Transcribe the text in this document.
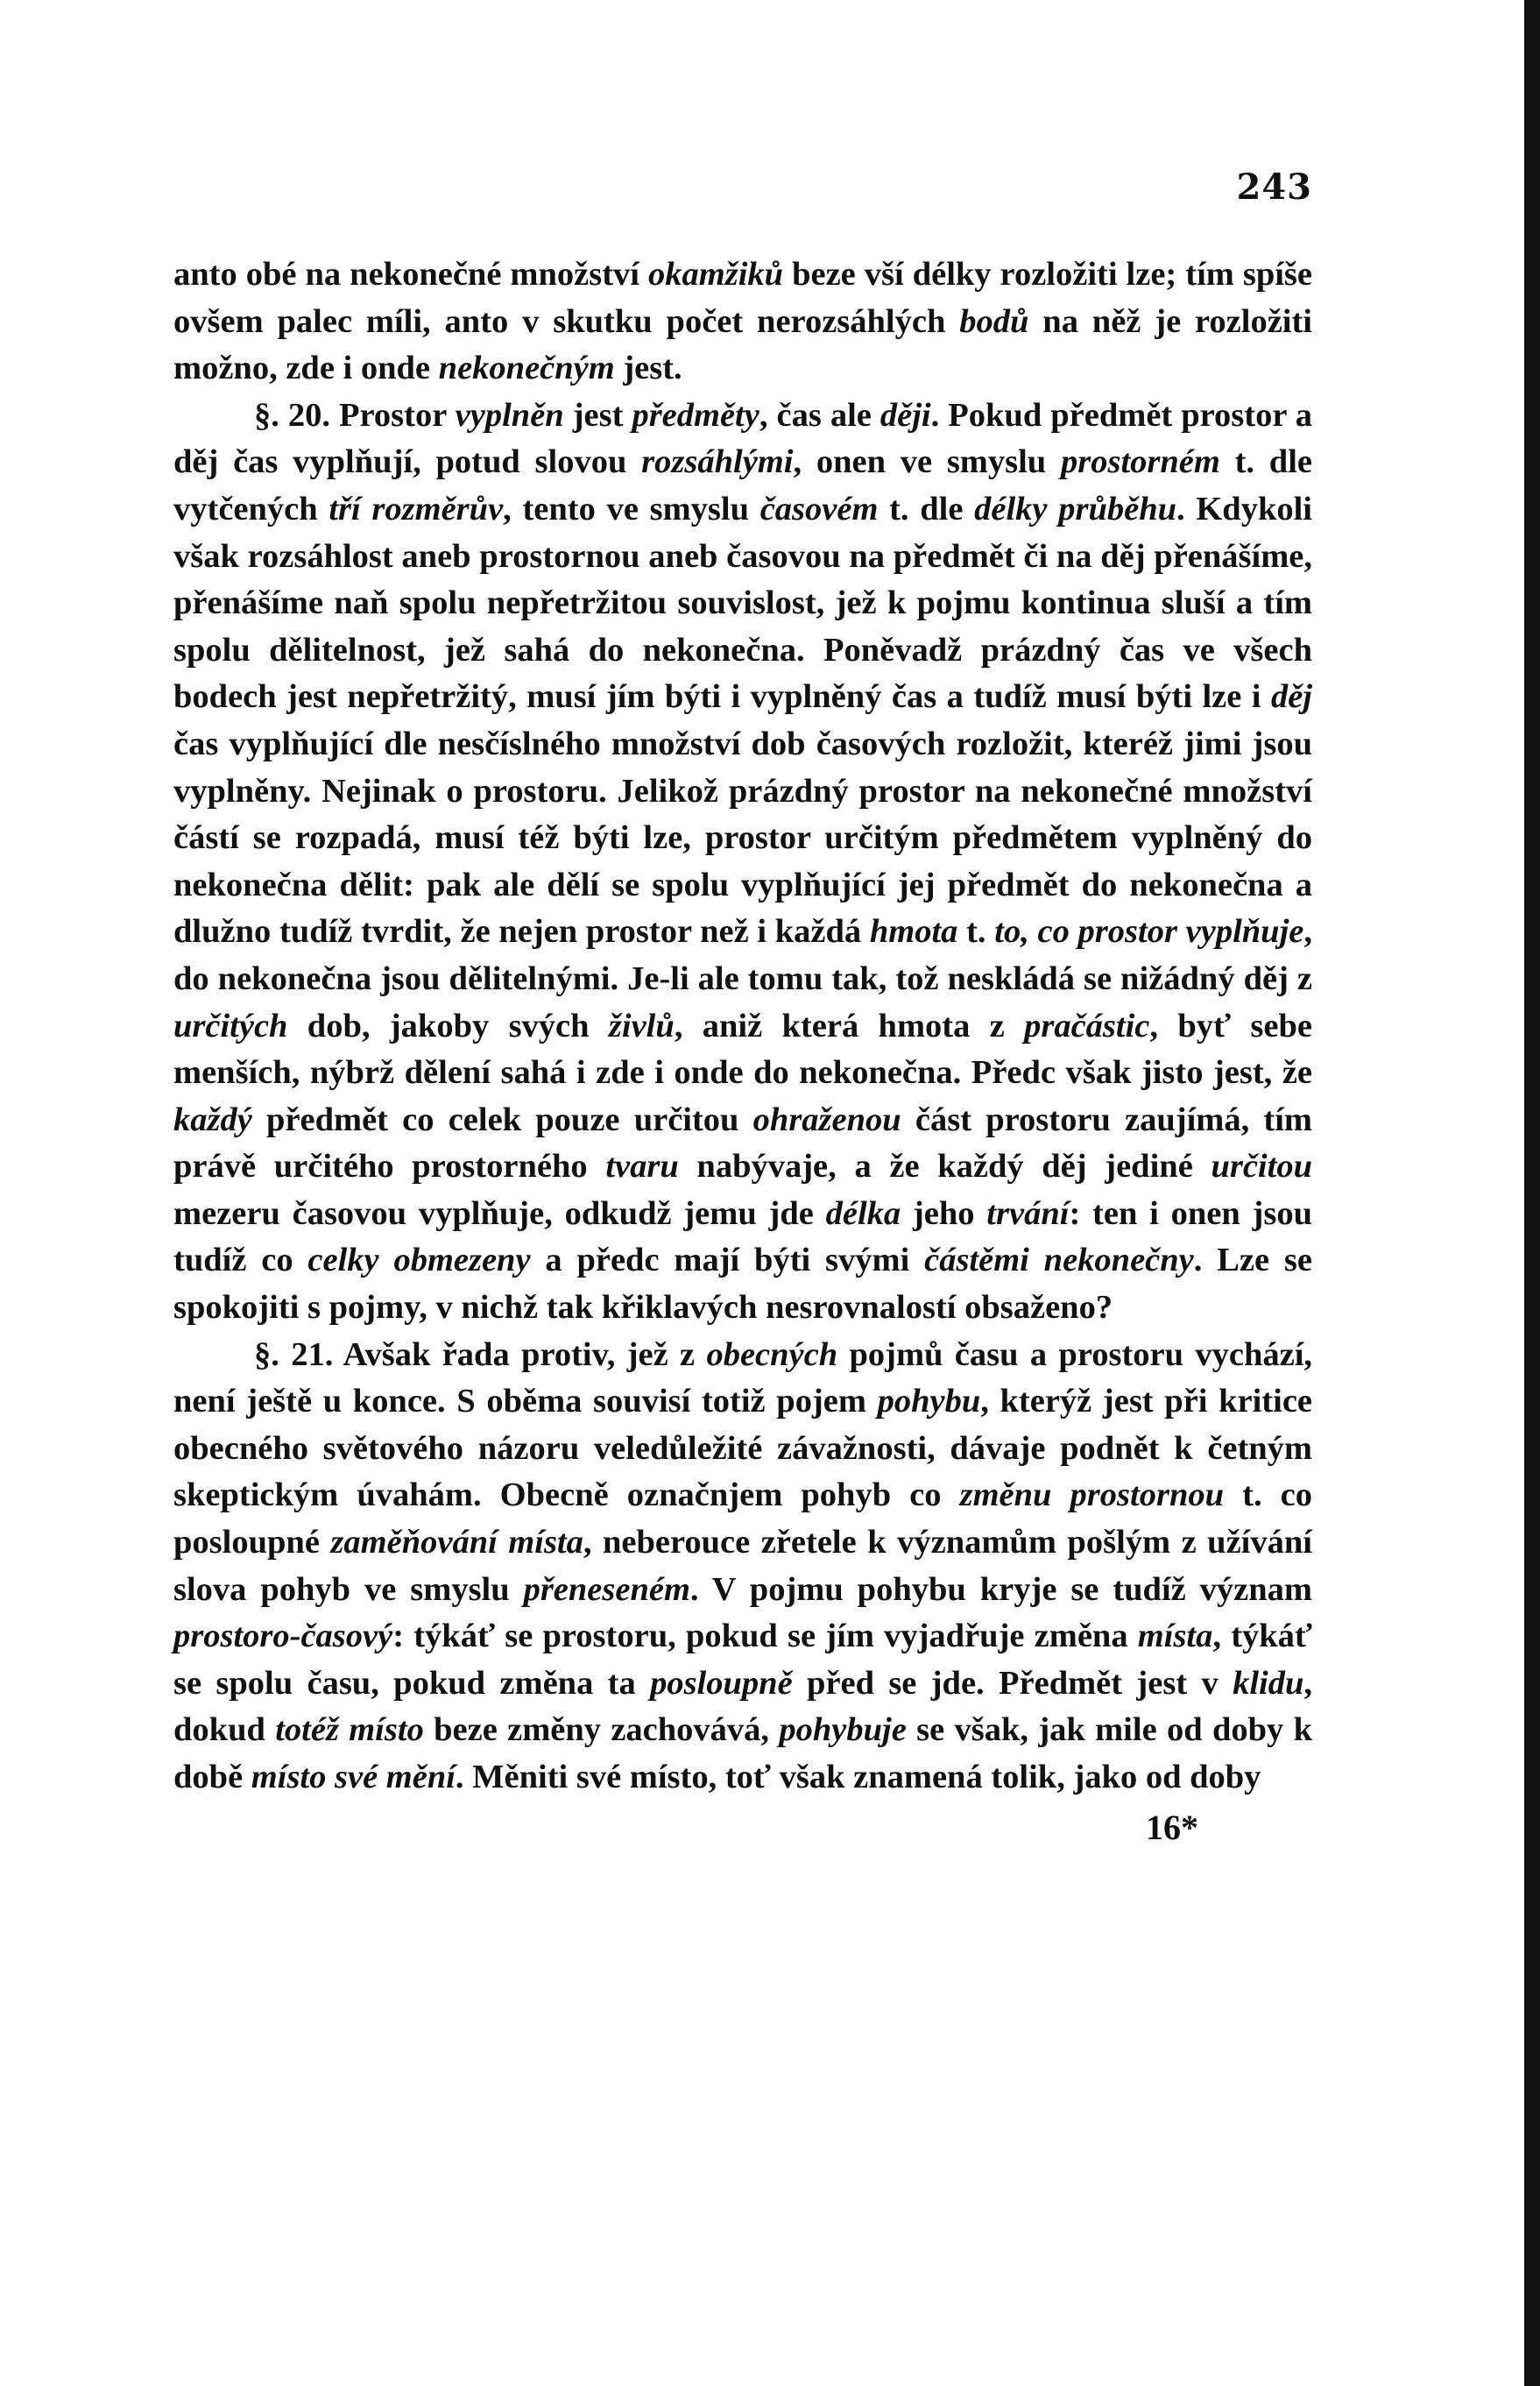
243

anto obé na nekonečné množství okamžiků beze vší délky rozložiti lze; tím spíše ovšem palec míli, anto v skutku počet nerozsáhlých bodů na něž je rozložiti možno, zde i onde nekonečným jest.

§. 20. Prostor vyplněn jest předměty, čas ale ději. Pokud předmět prostor a děj čas vyplňují, potud slovou rozsáhlými, onen ve smyslu prostorném t. dle vytčených tří rozměrův, tento ve smyslu časovém t. dle délky průběhu. Kdykoli však rozsáhlost aneb prostornou aneb časovou na předmět či na děj přenášíme, přenášíme naň spolu nepřetržitou souvislost, jež k pojmu kontinua sluší a tím spolu dělitelnost, jež sahá do nekonečna. Poněvadž prázdný čas ve všech bodech jest nepřetržitý, musí jím býti i vyplněný čas a tudíž musí býti lze i děj čas vyplňující dle nesčíslného množství dob časových rozložit, kteréž jimi jsou vyplněny. Nejinak o prostoru. Jelikož prázdný prostor na nekonečné množství částí se rozpadá, musí též býti lze, prostor určitým předmětem vyplněný do nekonečna dělit: pak ale dělí se spolu vyplňující jej předmět do nekonečna a dlužno tudíž tvrdit, že nejen prostor než i každá hmota t. to, co prostor vyplňuje, do nekonečna jsou dělitelnými. Je-li ale tomu tak, tož neskládá se nižádný děj z určitých dob, jakoby svých živlů, aniž která hmota z pračástic, byť sebe menších, nýbrž dělení sahá i zde i onde do nekonečna. Předc však jisto jest, že každý předmět co celek pouze určitou ohraženou část prostoru zaujímá, tím právě určitého prostorného tvaru nabývaje, a že každý děj jediné určitou mezeru časovou vyplňuje, odkudž jemu jde délka jeho trvání: ten i onen jsou tudíž co celky obmezeny a předc mají býti svými částěmi nekonečny. Lze se spokojiti s pojmy, v nichž tak křiklavých nesrovnalostí obsaženo?

§. 21. Avšak řada protiv, jež z obecných pojmů času a prostoru vychází, není ještě u konce. S oběma souvisí totiž pojem pohybu, kterýž jest při kritice obecného světového názoru veledůležité závažnosti, dávaje podnět k četným skeptickým úvahám. Obecně označnjem pohyb co změnu prostornou t. co posloupné zaměňování místa, neberouce zřetele k významům pošlým z užívání slova pohyb ve smyslu přeneseném. V pojmu pohybu kryje se tudíž význam prostoro-časový: týkáť se prostoru, pokud se jím vyjadřuje změna místa, týkáť se spolu času, pokud změna ta posloupně před se jde. Předmět jest v klidu, dokud totéž místo beze změny zachovává, pohybuje se však, jak mile od doby k době místo své mění. Měniti své místo, toť však znamená tolik, jako od doby

16*
